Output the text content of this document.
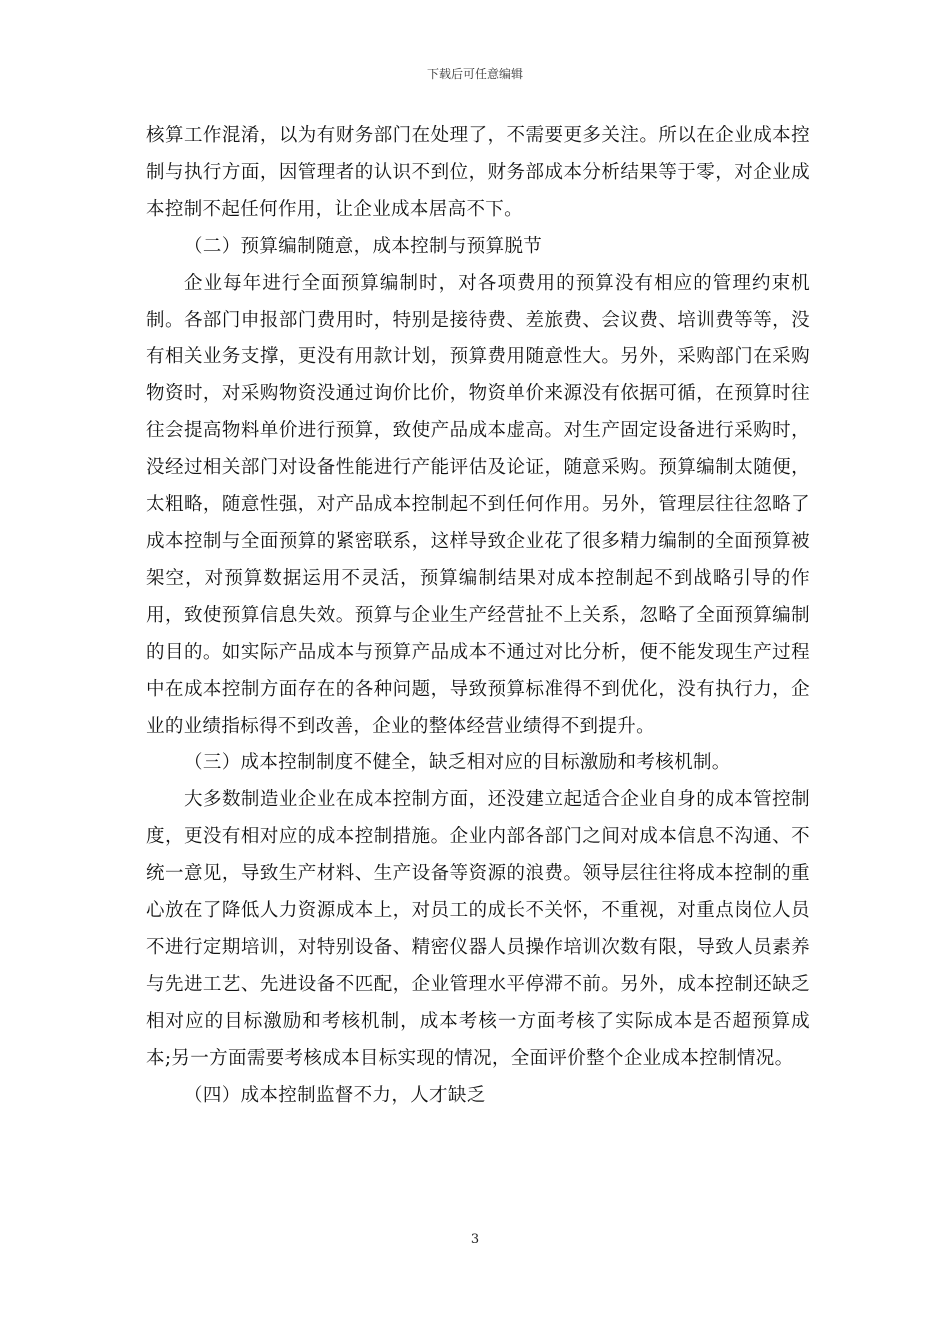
下载后可任意编辑

核算工作混淆，以为有财务部门在处理了，不需要更多关注。所以在企业成本控制与执行方面，因管理者的认识不到位，财务部成本分析结果等于零，对企业成本控制不起任何作用，让企业成本居高不下。

（二）预算编制随意，成本控制与预算脱节

企业每年进行全面预算编制时，对各项费用的预算没有相应的管理约束机制。各部门申报部门费用时，特别是接待费、差旅费、会议费、培训费等等，没有相关业务支撑，更没有用款计划，预算费用随意性大。另外，采购部门在采购物资时，对采购物资没通过询价比价，物资单价来源没有依据可循，在预算时往往会提高物料单价进行预算，致使产品成本虚高。对生产固定设备进行采购时，没经过相关部门对设备性能进行产能评估及论证，随意采购。预算编制太随便，太粗略，随意性强，对产品成本控制起不到任何作用。另外，管理层往往忽略了成本控制与全面预算的紧密联系，这样导致企业花了很多精力编制的全面预算被架空，对预算数据运用不灵活，预算编制结果对成本控制起不到战略引导的作用，致使预算信息失效。预算与企业生产经营扯不上关系，忽略了全面预算编制的目的。如实际产品成本与预算产品成本不通过对比分析，便不能发现生产过程中在成本控制方面存在的各种问题，导致预算标准得不到优化，没有执行力，企业的业绩指标得不到改善，企业的整体经营业绩得不到提升。

（三）成本控制制度不健全，缺乏相对应的目标激励和考核机制。

大多数制造业企业在成本控制方面，还没建立起适合企业自身的成本管控制度，更没有相对应的成本控制措施。企业内部各部门之间对成本信息不沟通、不统一意见，导致生产材料、生产设备等资源的浪费。领导层往往将成本控制的重心放在了降低人力资源成本上，对员工的成长不关怀，不重视，对重点岗位人员不进行定期培训，对特别设备、精密仪器人员操作培训次数有限，导致人员素养与先进工艺、先进设备不匹配，企业管理水平停滞不前。另外，成本控制还缺乏相对应的目标激励和考核机制，成本考核一方面考核了实际成本是否超预算成本;另一方面需要考核成本目标实现的情况，全面评价整个企业成本控制情况。

（四）成本控制监督不力，人才缺乏

3
